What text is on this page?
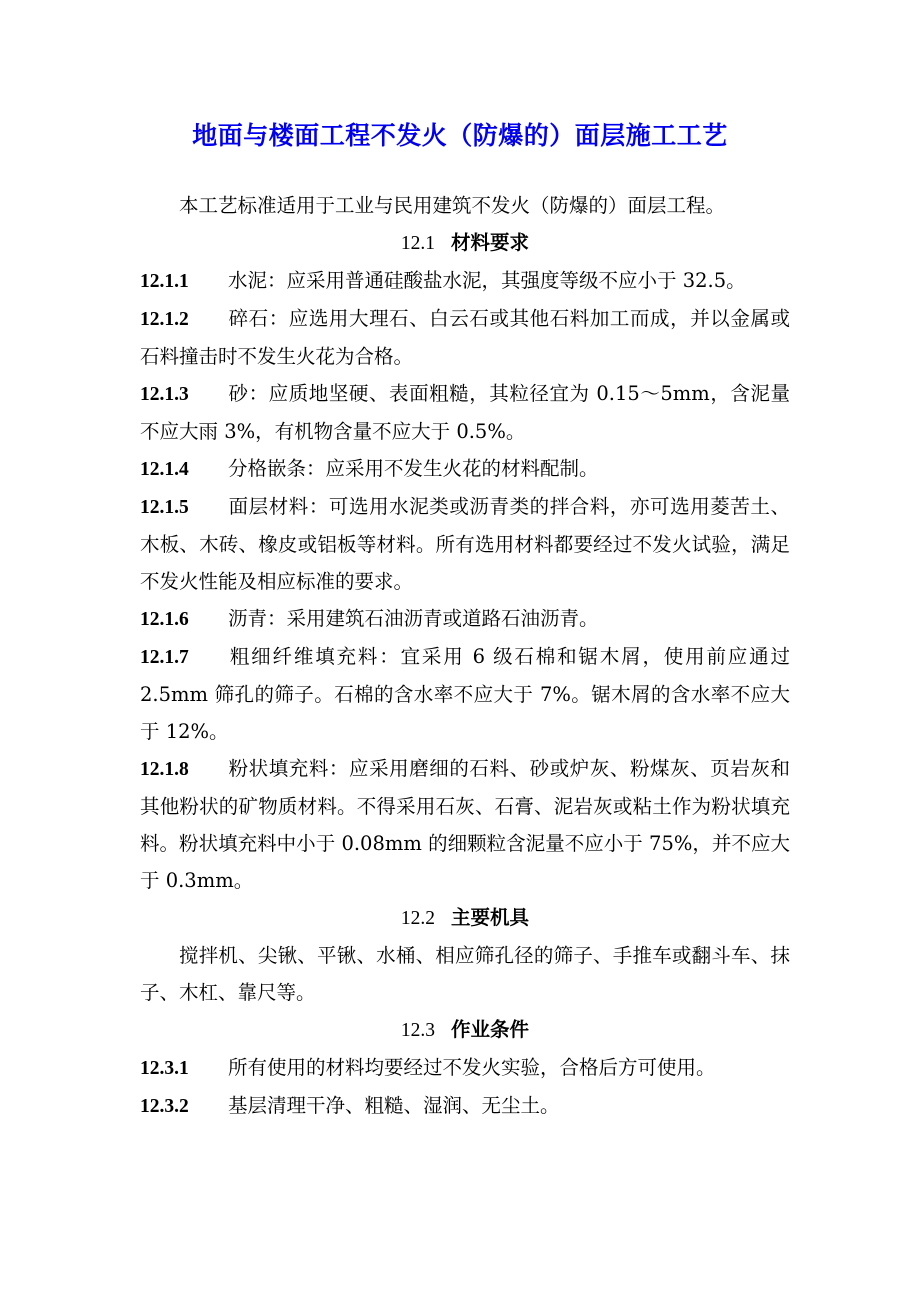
地面与楼面工程不发火（防爆的）面层施工工艺

本工艺标准适用于工业与民用建筑不发火（防爆的）面层工程。

12.1 材料要求

12.1.1 水泥：应采用普通硅酸盐水泥，其强度等级不应小于 32.5。

12.1.2 碎石：应选用大理石、白云石或其他石料加工而成，并以金属或石料撞击时不发生火花为合格。

12.1.3 砂：应质地坚硬、表面粗糙，其粒径宜为 0.15～5mm，含泥量不应大雨 3%，有机物含量不应大于 0.5%。

12.1.4 分格嵌条：应采用不发生火花的材料配制。

12.1.5 面层材料：可选用水泥类或沥青类的拌合料，亦可选用菱苦土、木板、木砖、橡皮或铝板等材料。所有选用材料都要经过不发火试验，满足不发火性能及相应标准的要求。

12.1.6 沥青：采用建筑石油沥青或道路石油沥青。

12.1.7 粗细纤维填充料：宜采用 6 级石棉和锯木屑，使用前应通过 2.5mm 筛孔的筛子。石棉的含水率不应大于 7%。锯木屑的含水率不应大于 12%。

12.1.8 粉状填充料：应采用磨细的石料、砂或炉灰、粉煤灰、页岩灰和其他粉状的矿物质材料。不得采用石灰、石膏、泥岩灰或粘土作为粉状填充料。粉状填充料中小于 0.08mm 的细颗粒含泥量不应小于 75%，并不应大于 0.3mm。

12.2 主要机具

搅拌机、尖锹、平锹、水桶、相应筛孔径的筛子、手推车或翻斗车、抹子、木杠、靠尺等。

12.3 作业条件

12.3.1 所有使用的材料均要经过不发火实验，合格后方可使用。

12.3.2 基层清理干净、粗糙、湿润、无尘土。
